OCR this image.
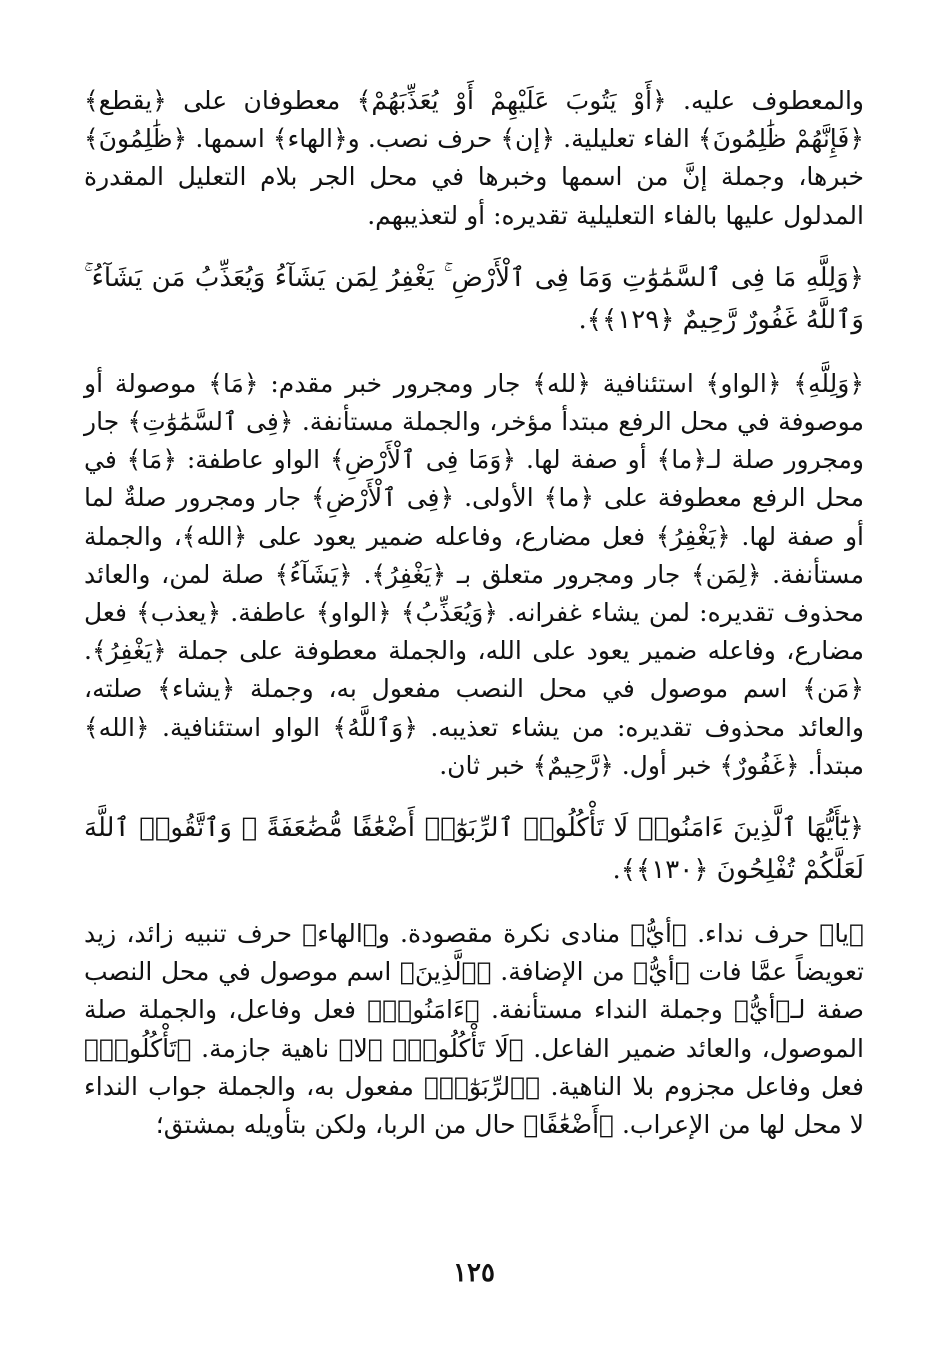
والمعطوف عليه. ﴿أَوْ يَتُوبَ عَلَيْهِمْ أَوْ يُعَذِّبَهُمْ﴾ معطوفان على ﴿يقطع﴾ ﴿فَإِنَّهُمْ ظَٰلِمُونَ﴾ الفاء تعليلية. ﴿إن﴾ حرف نصب. و﴿الهاء﴾ اسمها. ﴿ظَٰلِمُونَ﴾ خبرها، وجملة إنَّ من اسمها وخبرها في محل الجر بلام التعليل المقدرة المدلول عليها بالفاء التعليلية تقديره: أو لتعذيبهم.

﴿وَلِلَّهِ مَا فِى ٱلسَّمَٰوَٰتِ وَمَا فِى ٱلْأَرْضِ ۚ يَغْفِرُ لِمَن يَشَآءُ وَيُعَذِّبُ مَن يَشَآءُ ۚ وَٱللَّهُ غَفُورٌ رَّحِيمٌ ﴿١٢٩﴾﴾.

﴿وَلِلَّهِ﴾ ﴿الواو﴾ استئنافية ﴿لله﴾ جار ومجرور خبر مقدم: ﴿مَا﴾ موصولة أو موصوفة في محل الرفع مبتدأ مؤخر، والجملة مستأنفة. ﴿فِى ٱلسَّمَٰوَٰتِ﴾ جار ومجرور صلة لـ﴿ما﴾ أو صفة لها. ﴿وَمَا فِى ٱلْأَرْضِ﴾ الواو عاطفة: ﴿مَا﴾ في محل الرفع معطوفة على ﴿ما﴾ الأولى. ﴿فِى ٱلْأَرْضِ﴾ جار ومجرور صلةٌ لما أو صفة لها. ﴿يَغْفِرُ﴾ فعل مضارع، وفاعله ضمير يعود على ﴿الله﴾، والجملة مستأنفة. ﴿لِمَن﴾ جار ومجرور متعلق بـ ﴿يَغْفِرُ﴾. ﴿يَشَآءُ﴾ صلة لمن، والعائد محذوف تقديره: لمن يشاء غفرانه. ﴿وَيُعَذِّبُ﴾ ﴿الواو﴾ عاطفة. ﴿يعذب﴾ فعل مضارع، وفاعله ضمير يعود على الله، والجملة معطوفة على جملة ﴿يَغْفِرُ﴾. ﴿مَن﴾ اسم موصول في محل النصب مفعول به، وجملة ﴿يشاء﴾ صلته، والعائد محذوف تقديره: من يشاء تعذيبه. ﴿وَٱللَّهُ﴾ الواو استئنافية. ﴿الله﴾ مبتدأ. ﴿غَفُورٌ﴾ خبر أول. ﴿رَّحِيمٌ﴾ خبر ثان.

﴿يَٰٓأَيُّهَا ٱلَّذِينَ ءَامَنُوا۟ لَا تَأْكُلُوا۟ ٱلرِّبَوٰٓا۟ أَضْعَٰفًا مُّضَٰعَفَةً ۖ وَٱتَّقُوا۟ ٱللَّهَ لَعَلَّكُمْ تُفْلِحُونَ ﴿١٣٠﴾﴾.

﴿يا﴾ حرف نداء. ﴿أيُّ﴾ منادى نكرة مقصودة. و﴿الهاء﴾ حرف تنبيه زائد، زيد تعويضاً عمَّا فات ﴿أيُّ﴾ من الإضافة. ﴿ٱلَّذِينَ﴾ اسم موصول في محل النصب صفة لـ﴿أيُّ﴾ وجملة النداء مستأنفة. ﴿ءَامَنُوا۟﴾ فعل وفاعل، والجملة صلة الموصول، والعائد ضمير الفاعل. ﴿لَا تَأْكُلُوا۟﴾ ﴿لا﴾ ناهية جازمة. ﴿تَأْكُلُوا۟﴾ فعل وفاعل مجزوم بلا الناهية. ﴿ٱلرِّبَوٰٓا۟﴾ مفعول به، والجملة جواب النداء لا محل لها من الإعراب. ﴿أَضْعَٰفًا﴾ حال من الربا، ولكن بتأويله بمشتق؛

١٢٥
